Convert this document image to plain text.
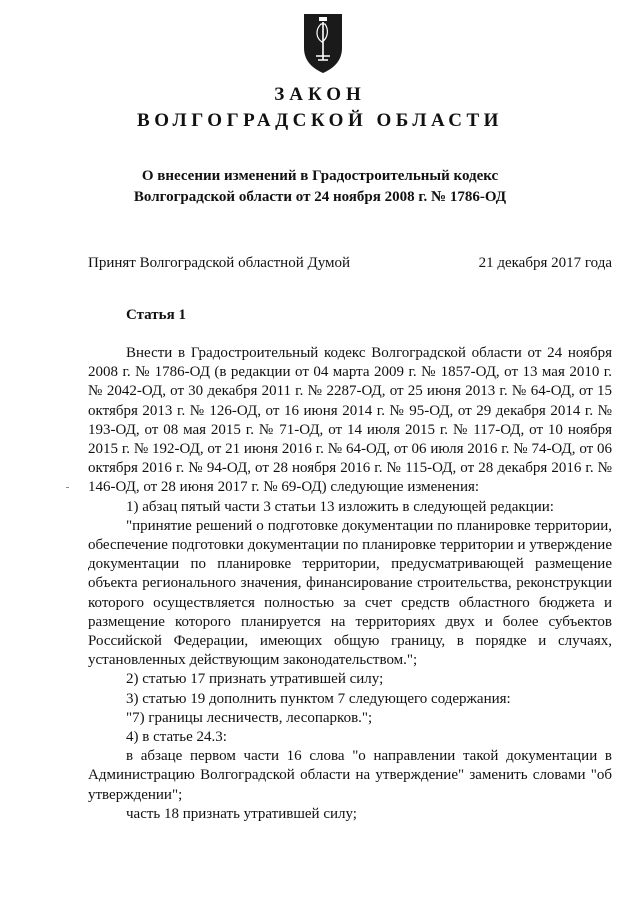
ЗАКОН
ВОЛГОГРАДСКОЙ ОБЛАСТИ
О внесении изменений в Градостроительный кодекс
Волгоградской области от 24 ноября 2008 г. № 1786-ОД
Принят Волгоградской областной Думой	21 декабря 2017 года
Статья 1

Внести в Градостроительный кодекс Волгоградской области от 24 ноября 2008 г. № 1786-ОД (в редакции от 04 марта 2009 г. № 1857-ОД, от 13 мая 2010 г. № 2042-ОД, от 30 декабря 2011 г. № 2287-ОД, от 25 июня 2013 г. № 64-ОД, от 15 октября 2013 г. № 126-ОД, от 16 июня 2014 г. № 95-ОД, от 29 декабря 2014 г. № 193-ОД, от 08 мая 2015 г. № 71-ОД, от 14 июля 2015 г. № 117-ОД, от 10 ноября 2015 г. № 192-ОД, от 21 июня 2016 г. № 64-ОД, от 06 июля 2016 г. № 74-ОД, от 06 октября 2016 г. № 94-ОД, от 28 ноября 2016 г. № 115-ОД, от 28 декабря 2016 г. № 146-ОД, от 28 июня 2017 г. № 69-ОД) следующие изменения:

1) абзац пятый части 3 статьи 13 изложить в следующей редакции:

"принятие решений о подготовке документации по планировке территории, обеспечение подготовки документации по планировке территории и утверждение документации по планировке территории, предусматривающей размещение объекта регионального значения, финансирование строительства, реконструкции которого осуществляется полностью за счет средств областного бюджета и размещение которого планируется на территориях двух и более субъектов Российской Федерации, имеющих общую границу, в порядке и случаях, установленных действующим законодательством.";

2) статью 17 признать утратившей силу;

3) статью 19 дополнить пунктом 7 следующего содержания:

"7) границы лесничеств, лесопарков.";

4) в статье 24.3:

в абзаце первом части 16 слова "о направлении такой документации в Администрацию Волгоградской области на утверждение" заменить словами "об утверждении";

часть 18 признать утратившей силу;
